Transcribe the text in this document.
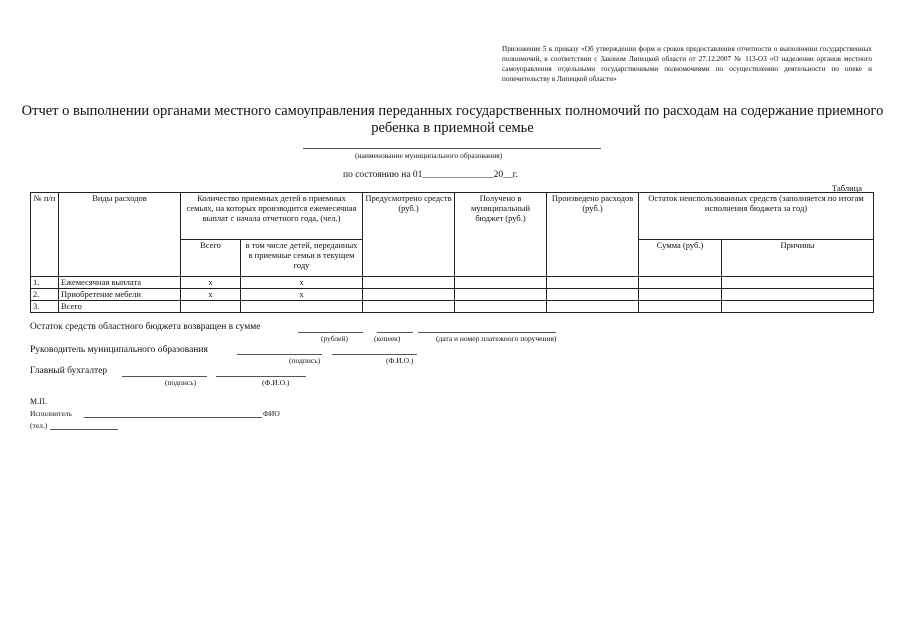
Приложение 5 к приказу «Об утверждении форм и сроков предоставления отчетности о выполнении государственных полномочий, в соответствии с Законом Липецкой области от 27.12.2007 № 113-ОЗ «О наделении органов местного самоуправления отдельными государственными полномочиями по осуществлению деятельности по опеке и попечительству в Липецкой области»
Отчет о выполнении органами местного самоуправления переданных государственных полномочий по расходам на содержание приемного ребенка в приемной семье
(наименование муниципального образования)
по состоянию на 01_______________20__г.
Таблица
№ п/п	Виды расходов	Количество приемных детей в приемных семьях, на которых производится ежемесячная выплат с начала отчетного года, (чел.)		Предусмотрено средств (руб.)	Получено в муниципальный бюджет (руб.)	Произведено расходов (руб.)	Остаток неиспользованных средств (заполняется по итогам исполнения бюджета за год)	
		Всего	в том числе детей, переданных в приемные семьи в текущем году				Сумма (руб.)	Причины
1.	Ежемесячная выплата	х	х					
2.	Приобретение мебели	х	х					
3.	Всего							
Остаток средств областного бюджета возвращен в сумме
(рублей)	(копеек)	(дата и номер платежного поручения)
Руководитель муниципального образования
(подпись)	(Ф.И.О.)
Главный бухгалтер
(подпись)	(Ф.И.О.)
М.П.
Исполнитель	ФИО
(тел.)
